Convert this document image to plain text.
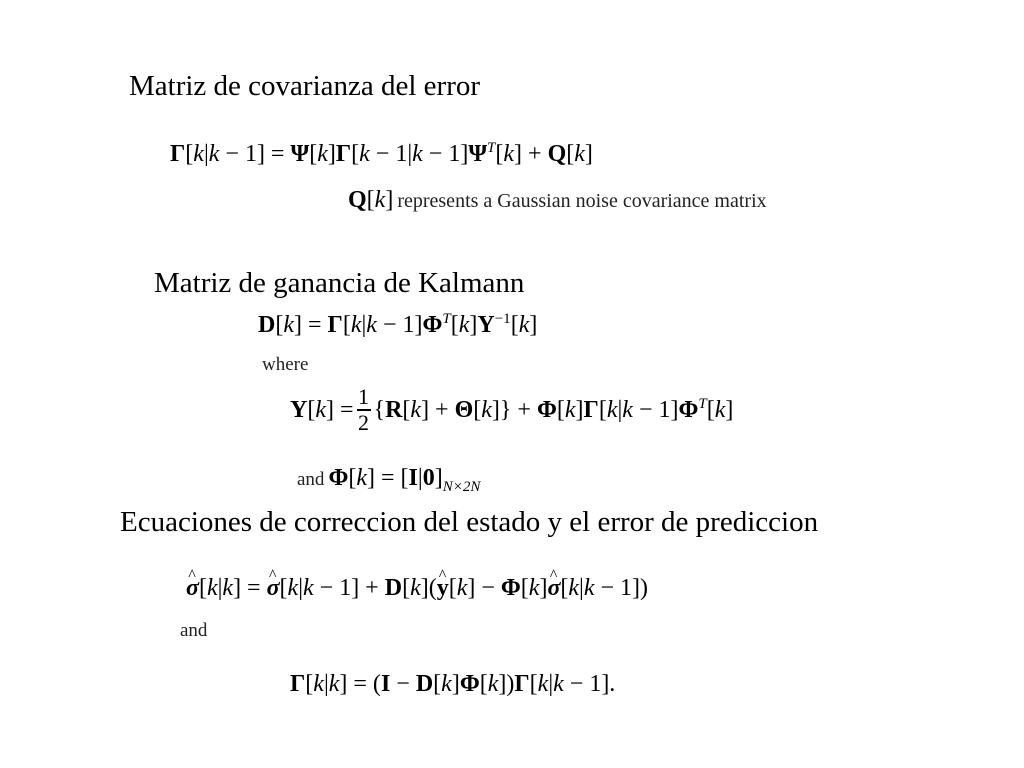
Matriz de covarianza del error
$\Gamma[k|k - 1] = \Psi[k]\Gamma[k - 1|k - 1]\Psi^T[k] + Q[k]$
Q[k] represents a Gaussian noise covariance matrix
Matriz de ganancia de Kalmann
$D[k] = \Gamma[k|k - 1]\Phi^T[k]Y^{-1}[k]$
where
$Y[k] = \frac{1}{2} \{R[k] + \Theta[k]\} + \Phi[k]\Gamma[k|k - 1]\Phi^T[k]$
and $\Phi[k] = [I|0]_{N\times 2N}$
Ecuaciones de correccion del estado y el error de prediccion
^ σ[k|k] = ^ σ[k|k − 1] + D[k](^ y[k] − Φ[k]^ σ[k|k − 1])
and
Γ[k|k] = (I − D[k]Φ[k])Γ[k|k − 1].
